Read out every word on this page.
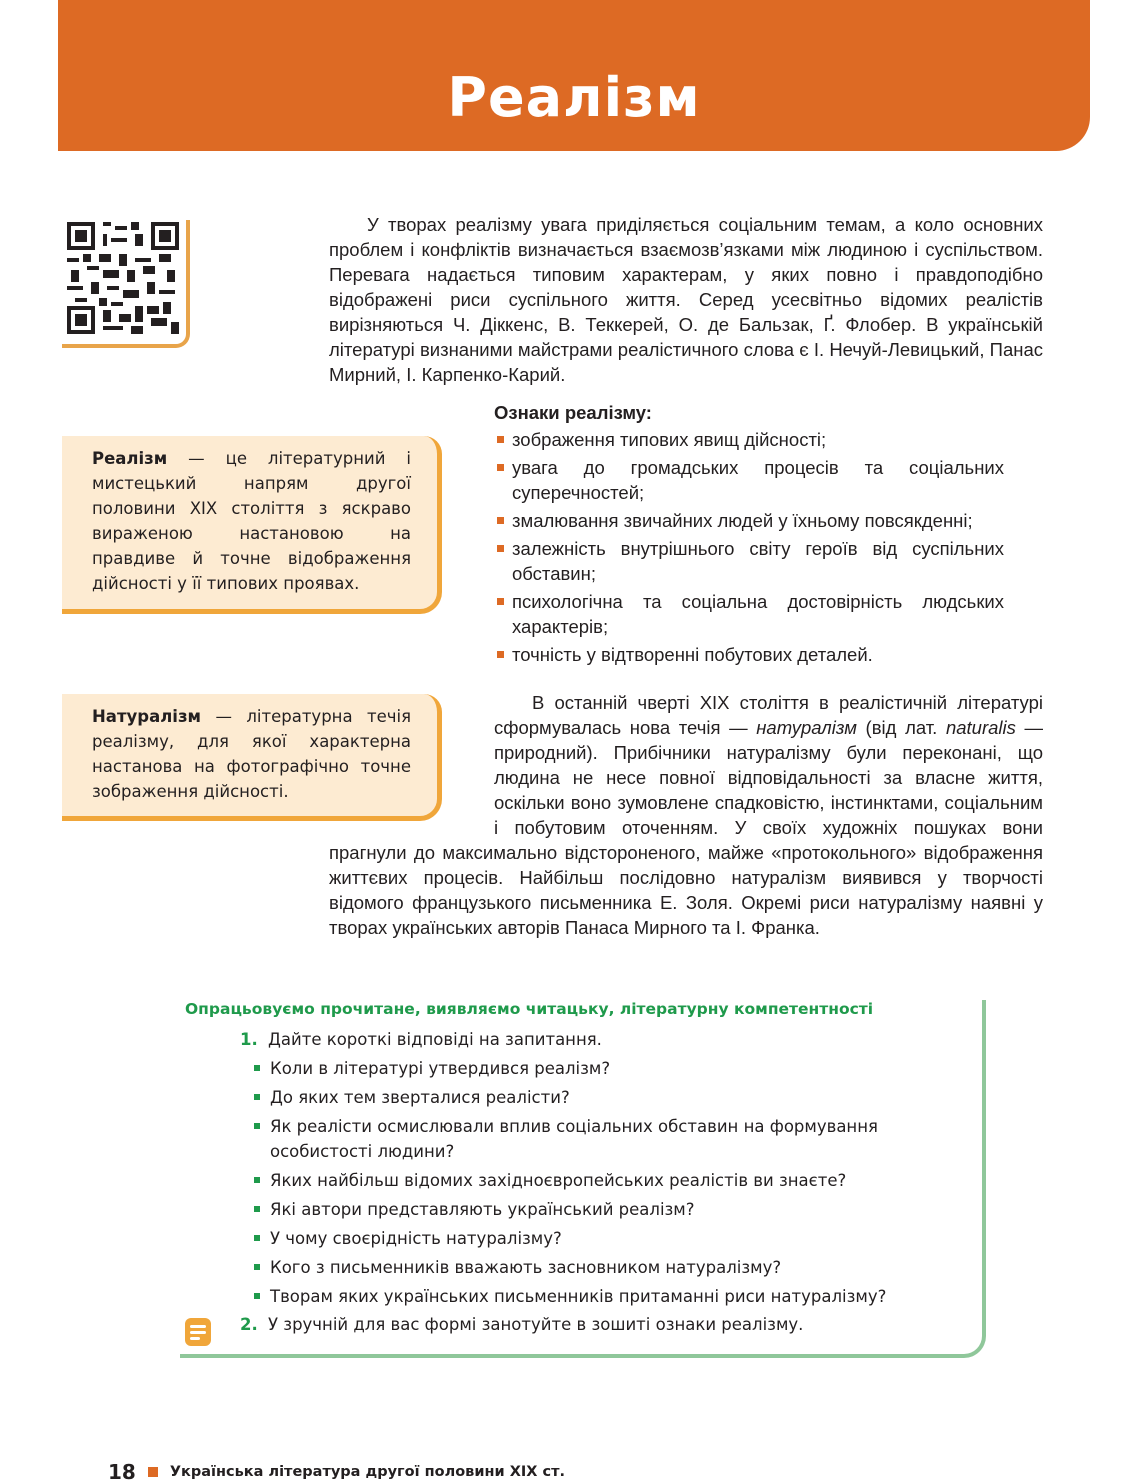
Реалізм

У творах реалізму увага приділяється соціальним темам, а коло основних проблем і конфліктів визначається взаємозв’язками між людиною і суспільством. Перевага надається типовим характерам, у яких повно і правдоподібно відображені риси суспільного життя. Серед усесвітньо відомих реалістів вирізняються Ч. Діккенс, В. Теккерей, О. де Бальзак, Ґ. Флобер. В українській літературі визнаними майстрами реалістичного слова є І. Нечуй-Левицький, Панас Мирний, І. Карпенко-Карий.

Реалізм — це літературний і мистецький напрям другої половини XIX століття з яскраво вираженою настановою на правдиве й точне відображення дійсності у її типових проявах.

Ознаки реалізму:

зображення типових явищ дійсності;
увага до громадських процесів та соціальних суперечностей;
змалювання звичайних людей у їхньому повсякденні;
залежність внутрішнього світу героїв від суспільних обставин;
психологічна та соціальна достовірність людських характерів;
точність у відтворенні побутових деталей.
Натуралізм — літературна течія реалізму, для якої характерна настанова на фотографічно точне зображення дійсності.

В останній чверті XIX століття в реалістичній літературі сформувалась нова течія — натуралізм (від лат. naturalis — природний). Прибічники натуралізму були переконані, що людина не несе повної відповідальності за власне життя, оскільки воно зумовлене спадковістю, інстинктами, соціальним і побутовим оточенням. У своїх художніх пошуках вони прагнули до максимально відстороненого, майже «протокольного» відображення життєвих процесів. Найбільш послідовно натуралізм виявився у творчості відомого французького письменника Е. Золя. Окремі риси натуралізму наявні у творах українських авторів Панаса Мирного та І. Франка.

Опрацьовуємо прочитане, виявляємо читацьку, літературну компетентності
1. Дайте короткі відповіді на запитання.
Коли в літературі утвердився реалізм?
До яких тем зверталися реалісти?
Як реалісти осмислювали вплив соціальних обставин на формування особистості людини?
Яких найбільш відомих західноєвропейських реалістів ви знаєте?
Які автори представляють український реалізм?
У чому своєрідність натуралізму?
Кого з письменників вважають засновником натуралізму?
Творам яких українських письменників притаманні риси натуралізму?
2. У зручній для вас формі занотуйте в зошиті ознаки реалізму.
18 Українська література другої половини XIX ст.
